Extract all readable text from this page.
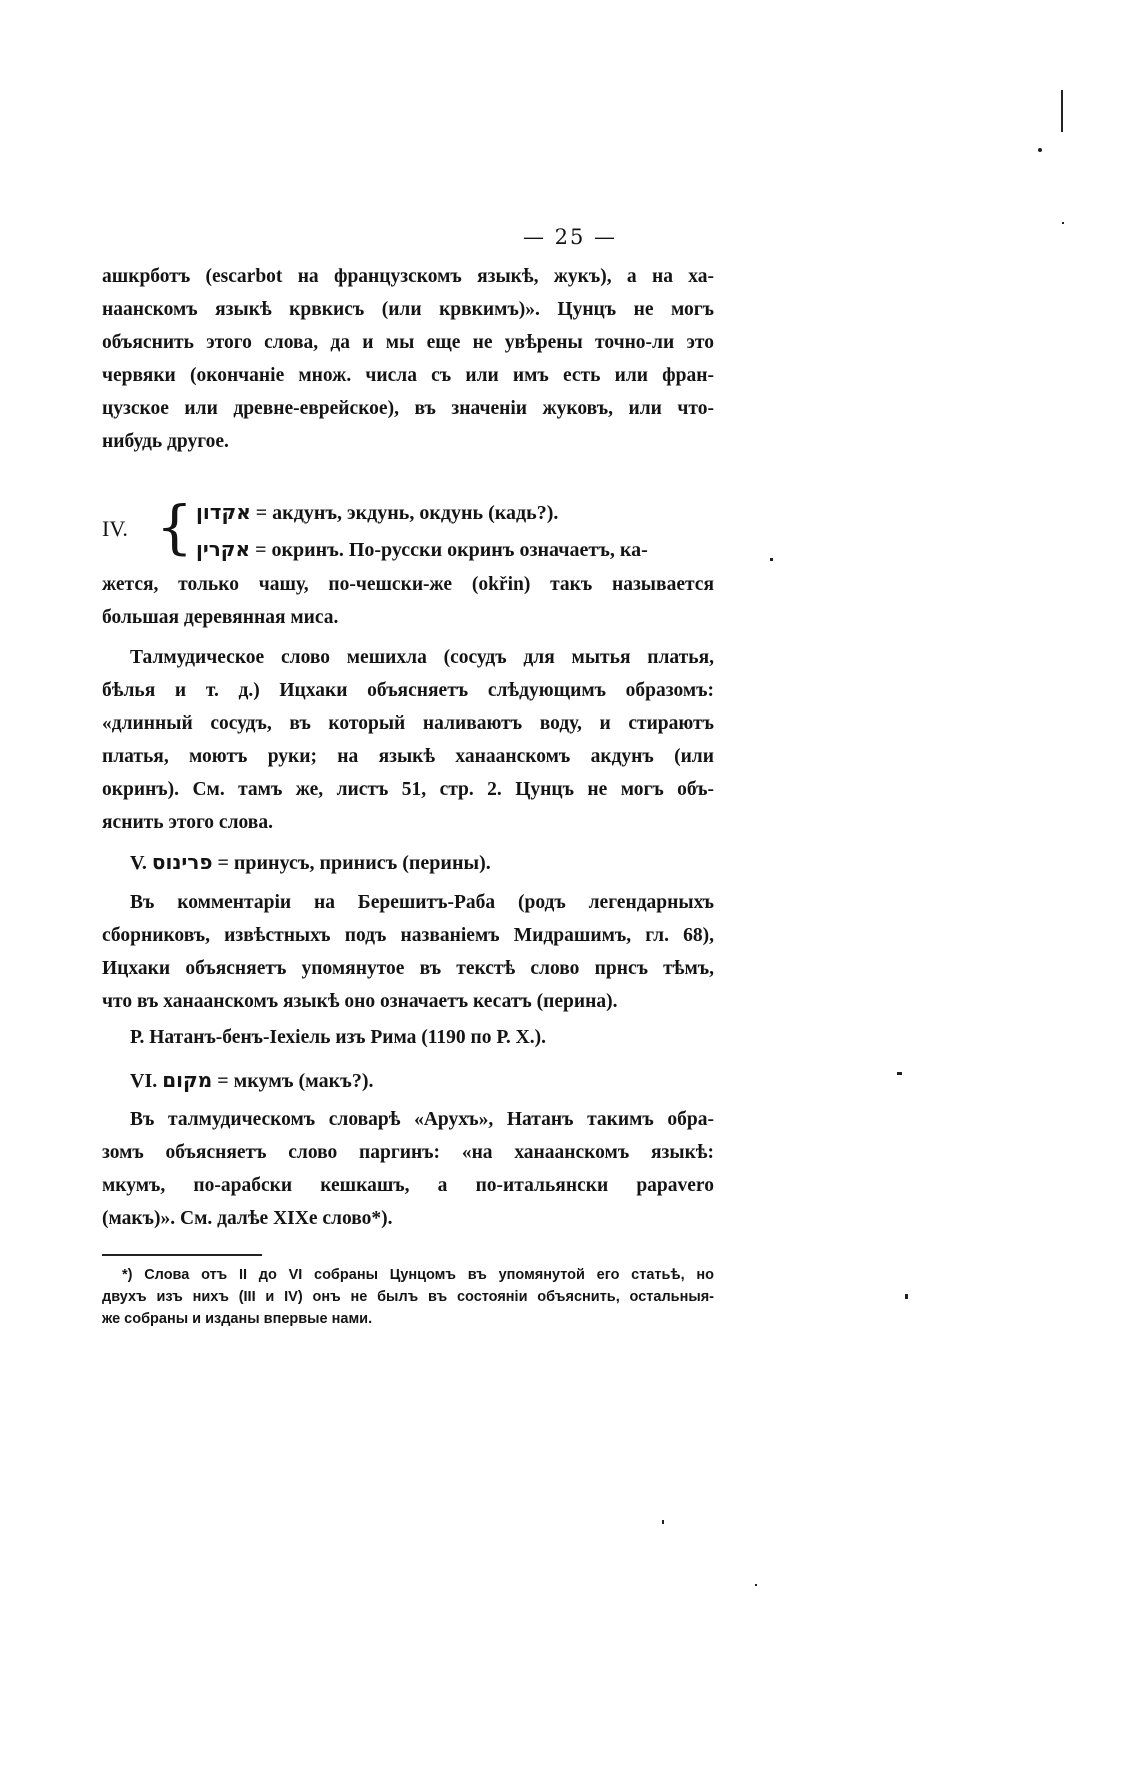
— 25 —
ашкрботъ (escarbot на французскомъ языкѣ, жукъ), а на ха-
наанскомъ языкѣ крвкисъ (или крвкимъ)». Цунцъ не могъ
объяснить этого слова, да и мы еще не увѣрены точно-ли это
червяки (окончаніе множ. числа съ или имъ есть или фран-
цузское или древне-еврейское), въ значеніи жуковъ, или что-
нибудь другое.
IV. { אקדון = акдунъ, экдунь, окдунь (кадь?).
אקרין = окринъ. По-русски окринъ означаетъ, ка-
жется, только чашу, по-чешски-же (okřin) такъ называется
большая деревянная миса.
Талмудическое слово мешихла (сосудъ для мытья платья,
бѣлья и т. д.) Ицхаки объясняетъ слѣдующимъ образомъ:
«длинный сосудъ, въ который наливаютъ воду, и стираютъ
платья, моютъ руки; на языкѣ ханаанскомъ акдунъ (или
окринъ). См. тамъ же, листъ 51, стр. 2. Цунцъ не могъ объ-
яснить этого слова.
V. פרינוס = принусъ, принисъ (перины).
Въ комментаріи на Берешитъ-Раба (родъ легендарныхъ
сборниковъ, извѣстныхъ подъ названіемъ Мидрашимъ, гл. 68),
Ицхаки объясняетъ упомянутое въ текстѣ слово прнсъ тѣмъ,
что въ ханаанскомъ языкѣ оно означаетъ кесатъ (перина).
Р. Натанъ-бенъ-Іехіель изъ Рима (1190 по Р. Х.).
VI. מקום = мкумъ (макъ?).
Въ талмудическомъ словарѣ «Арухъ», Натанъ такимъ обра-
зомъ объясняетъ слово паргинъ: «на ханаанскомъ языкѣ:
мкумъ, по-арабски кешкашъ, а по-итальянски papavero
(макъ)». См. далѣе XIXе слово*).
*) Слова отъ II до VI собраны Цунцомъ въ упомянутой его статьѣ, но
двухъ изъ нихъ (III и IV) онъ не былъ въ состояніи объяснить, остальныя-
же собраны и изданы впервые нами.
